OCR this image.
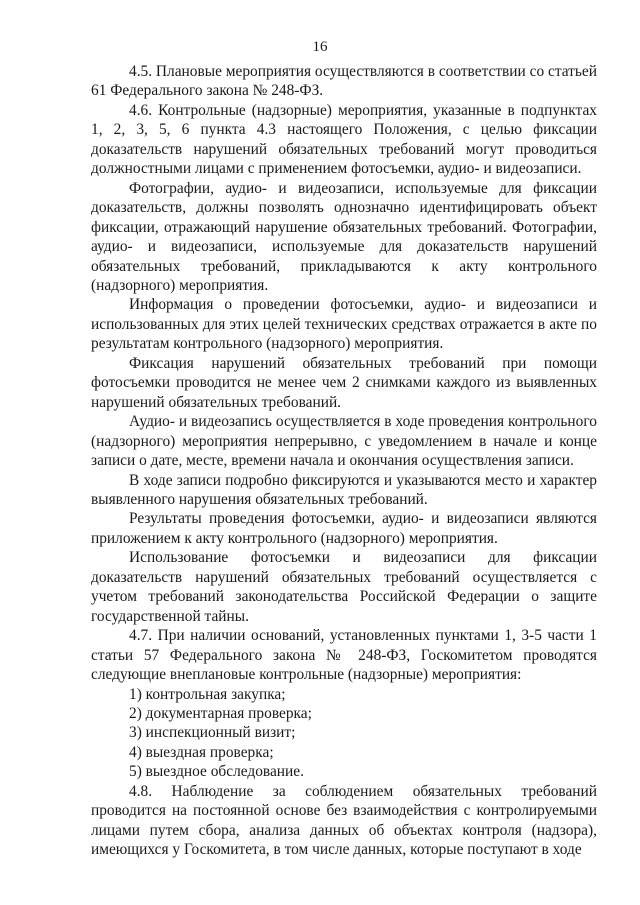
16

4.5. Плановые мероприятия осуществляются в соответствии со статьей 61 Федерального закона № 248-ФЗ.

4.6. Контрольные (надзорные) мероприятия, указанные в подпунктах 1, 2, 3, 5, 6 пункта 4.3 настоящего Положения, с целью фиксации доказательств нарушений обязательных требований могут проводиться должностными лицами с применением фотосъемки, аудио- и видеозаписи.

Фотографии, аудио- и видеозаписи, используемые для фиксации доказательств, должны позволять однозначно идентифицировать объект фиксации, отражающий нарушение обязательных требований. Фотографии, аудио- и видеозаписи, используемые для доказательств нарушений обязательных требований, прикладываются к акту контрольного (надзорного) мероприятия.

Информация о проведении фотосъемки, аудио- и видеозаписи и использованных для этих целей технических средствах отражается в акте по результатам контрольного (надзорного) мероприятия.

Фиксация нарушений обязательных требований при помощи фотосъемки проводится не менее чем 2 снимками каждого из выявленных нарушений обязательных требований.

Аудио- и видеозапись осуществляется в ходе проведения контрольного (надзорного) мероприятия непрерывно, с уведомлением в начале и конце записи о дате, месте, времени начала и окончания осуществления записи.

В ходе записи подробно фиксируются и указываются место и характер выявленного нарушения обязательных требований.

Результаты проведения фотосъемки, аудио- и видеозаписи являются приложением к акту контрольного (надзорного) мероприятия.

Использование фотосъемки и видеозаписи для фиксации доказательств нарушений обязательных требований осуществляется с учетом требований законодательства Российской Федерации о защите государственной тайны.

4.7. При наличии оснований, установленных пунктами 1, 3-5 части 1 статьи 57 Федерального закона № 248-ФЗ, Госкомитетом проводятся следующие внеплановые контрольные (надзорные) мероприятия:

1) контрольная закупка;

2) документарная проверка;

3) инспекционный визит;

4) выездная проверка;

5) выездное обследование.

4.8. Наблюдение за соблюдением обязательных требований проводится на постоянной основе без взаимодействия с контролируемыми лицами путем сбора, анализа данных об объектах контроля (надзора), имеющихся у Госкомитета, в том числе данных, которые поступают в ходе
